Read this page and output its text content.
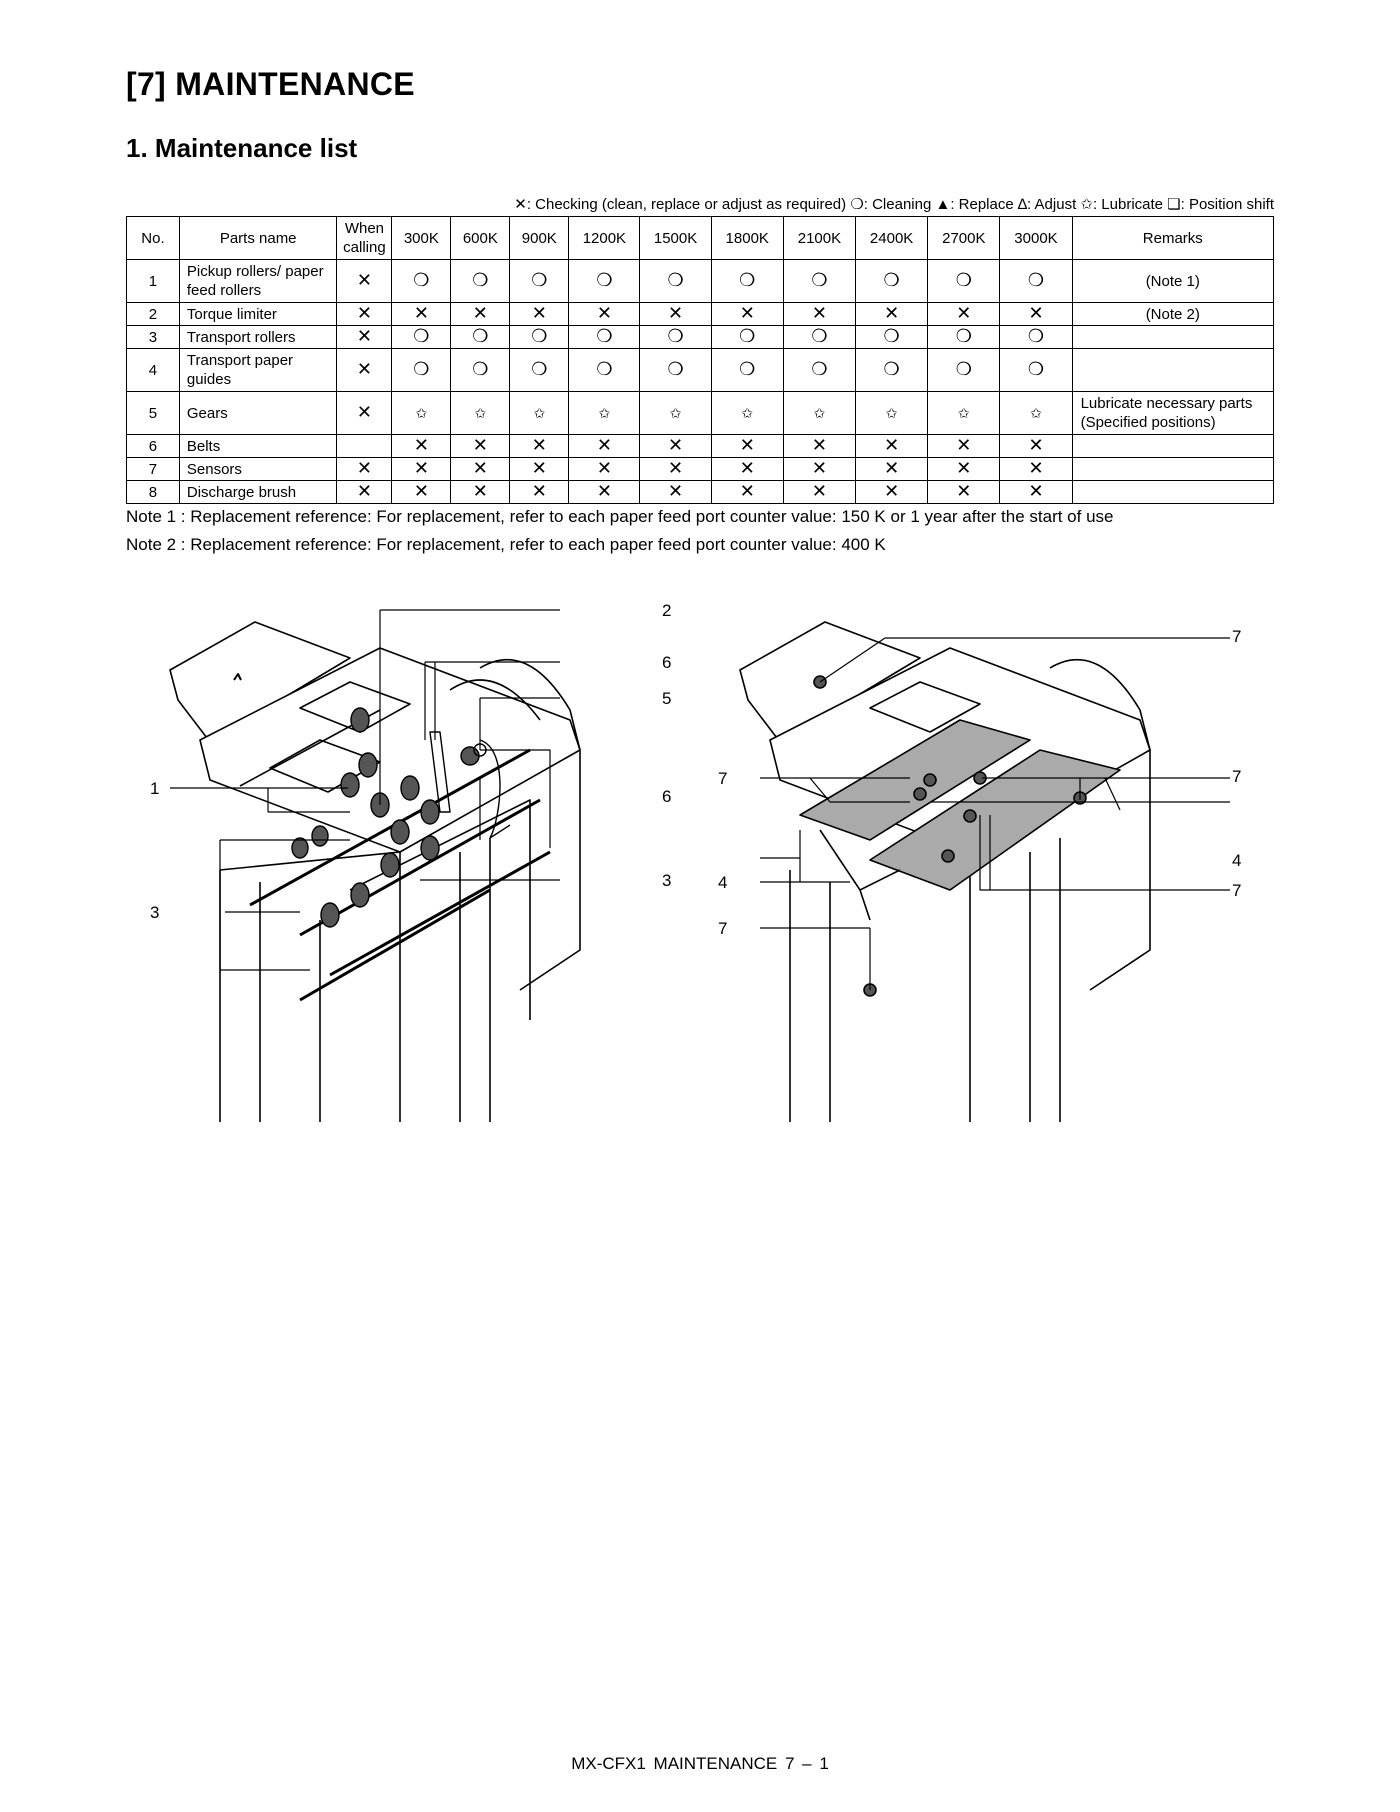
[7] MAINTENANCE
1. Maintenance list
✕: Checking (clean, replace or adjust as required) ❍: Cleaning ▲: Replace ∆: Adjust ✩: Lubricate ❏: Position shift
No.	Parts name	When calling	300K	600K	900K	1200K	1500K	1800K	2100K	2400K	2700K	3000K	Remarks
1	Pickup rollers/ paper feed rollers	✕	❍	❍	❍	❍	❍	❍	❍	❍	❍	❍	(Note 1)
2	Torque limiter	✕	✕	✕	✕	✕	✕	✕	✕	✕	✕	✕	(Note 2)
3	Transport rollers	✕	❍	❍	❍	❍	❍	❍	❍	❍	❍	❍	
4	Transport paper guides	✕	❍	❍	❍	❍	❍	❍	❍	❍	❍	❍	
5	Gears	✕	✩	✩	✩	✩	✩	✩	✩	✩	✩	✩	Lubricate necessary parts (Specified positions)
6	Belts		✕	✕	✕	✕	✕	✕	✕	✕	✕	✕	
7	Sensors	✕	✕	✕	✕	✕	✕	✕	✕	✕	✕	✕	
8	Discharge brush	✕	✕	✕	✕	✕	✕	✕	✕	✕	✕	✕	
Note 1 : Replacement reference: For replacement, refer to each paper feed port counter value: 150 K or 1 year after the start of use
Note 2 : Replacement reference: For replacement, refer to each paper feed port counter value: 400 K
2
6
5
1	6
3
3
7
7	7
4
4	7
7
MX-CFX1 MAINTENANCE 7 – 1
